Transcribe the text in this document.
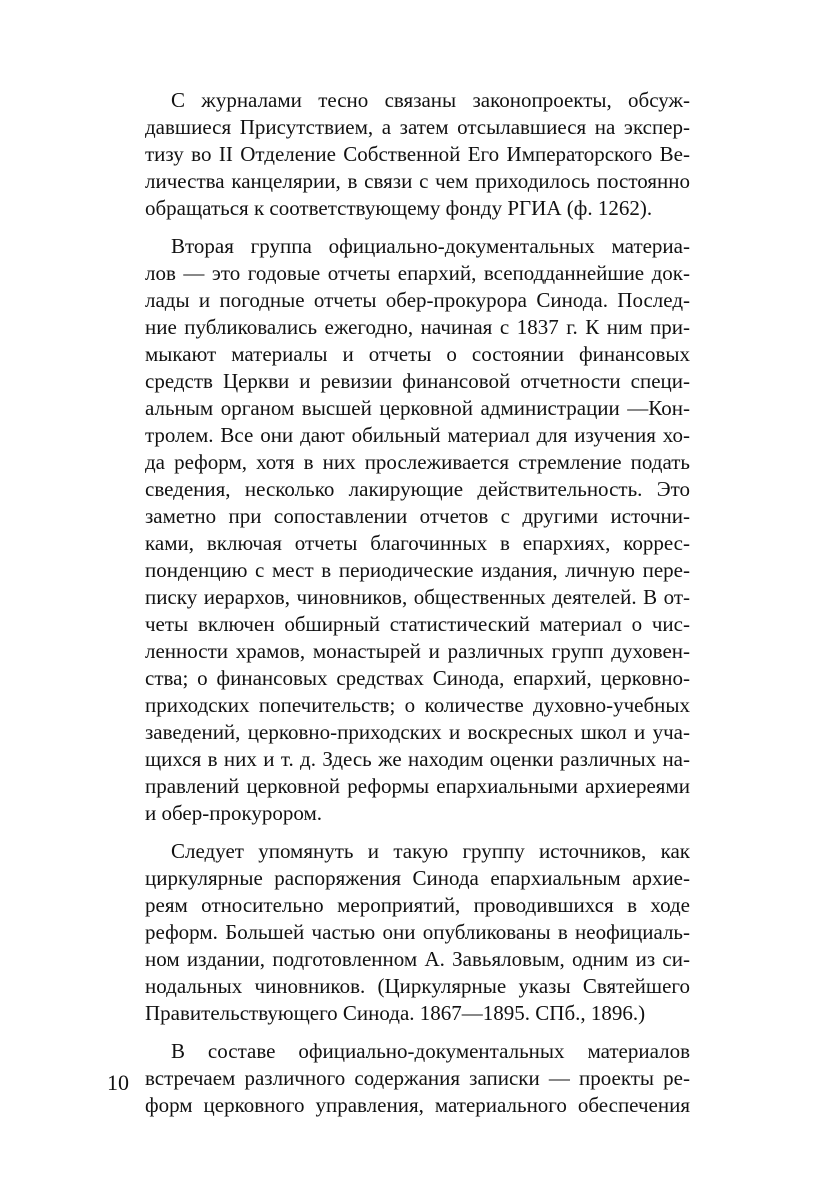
С журналами тесно связаны законопроекты, обсуж-
давшиеся Присутствием, а затем отсылавшиеся на экспер-
тизу во II Отделение Собственной Его Императорского Ве-
личества канцелярии, в связи с чем приходилось постоянно
обращаться к соответствующему фонду РГИА (ф. 1262).
Вторая группа официально-документальных материа-
лов — это годовые отчеты епархий, всеподданнейшие док-
лады и погодные отчеты обер-прокурора Синода. Послед-
ние публиковались ежегодно, начиная с 1837 г. К ним при-
мыкают материалы и отчеты о состоянии финансовых
средств Церкви и ревизии финансовой отчетности специ-
альным органом высшей церковной администрации —Кон-
тролем. Все они дают обильный материал для изучения хо-
да реформ, хотя в них прослеживается стремление подать
сведения, несколько лакирующие действительность. Это
заметно при сопоставлении отчетов с другими источни-
ками, включая отчеты благочинных в епархиях, коррес-
понденцию с мест в периодические издания, личную пере-
писку иерархов, чиновников, общественных деятелей. В от-
четы включен обширный статистический материал о чис-
ленности храмов, монастырей и различных групп духовен-
ства; о финансовых средствах Синода, епархий, церковно-
приходских попечительств; о количестве духовно-учебных
заведений, церковно-приходских и воскресных школ и уча-
щихся в них и т. д. Здесь же находим оценки различных на-
правлений церковной реформы епархиальными архиереями
и обер-прокурором.
Следует упомянуть и такую группу источников, как
циркулярные распоряжения Синода епархиальным архие-
реям относительно мероприятий, проводившихся в ходе
реформ. Большей частью они опубликованы в неофициаль-
ном издании, подготовленном А. Завьяловым, одним из си-
нодальных чиновников. (Циркулярные указы Святейшего
Правительствующего Синода. 1867—1895. СПб., 1896.)
В составе официально-документальных материалов
встречаем различного содержания записки — проекты ре-
форм церковного управления, материального обеспечения
10
